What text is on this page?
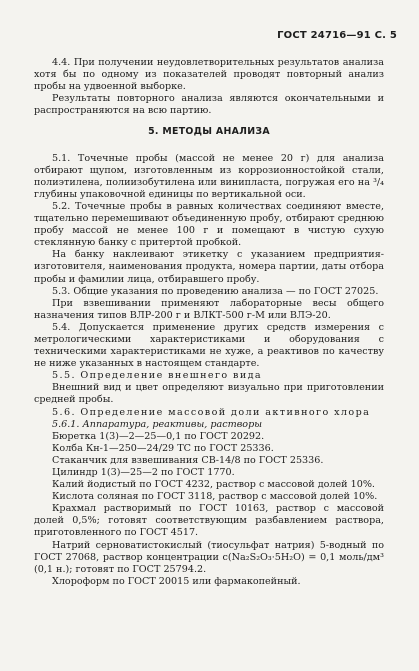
ГОСТ 24716—91 С. 5

4.4. При получении неудовлетворительных результатов анализа хотя бы по одному из показателей проводят повторный анализ пробы на удвоенной выборке.

Результаты повторного анализа являются окончательными и распространяются на всю партию.

5. МЕТОДЫ АНАЛИЗА

5.1. Точечные пробы (массой не менее 20 г) для анализа отбирают щупом, изготовленным из коррозионностойкой стали, полиэтилена, полиизобутилена или винипласта, погружая его на ³/₄ глубины упаковочной единицы по вертикальной оси.

5.2. Точечные пробы в равных количествах соединяют вместе, тщательно перемешивают объединенную пробу, отбирают среднюю пробу массой не менее 100 г и помещают в чистую сухую стеклянную банку с притертой пробкой.

На банку наклеивают этикетку с указанием предприятия-изготовителя, наименования продукта, номера партии, даты отбора пробы и фамилии лица, отбиравшего пробу.

5.3. Общие указания по проведению анализа — по ГОСТ 27025.

При взвешивании применяют лабораторные весы общего назначения типов ВЛР-200 г и ВЛКТ-500 г-М или ВЛЭ-20.

5.4. Допускается применение других средств измерения с метрологическими характеристиками и оборудования с техническими характеристиками не хуже, а реактивов по качеству не ниже указанных в настоящем стандарте.

5.5. Определение внешнего вида

Внешний вид и цвет определяют визуально при приготовлении средней пробы.

5.6. Определение массовой доли активного хлора

5.6.1. Аппаратура, реактивы, растворы

Бюретка 1(3)—2—25—0,1 по ГОСТ 20292.

Колба Кн-1—250—24/29 ТС по ГОСТ 25336.

Стаканчик для взвешивания СВ-14/8 по ГОСТ 25336.

Цилиндр 1(3)—25—2 по ГОСТ 1770.

Калий йодистый по ГОСТ 4232, раствор с массовой долей 10%.

Кислота соляная по ГОСТ 3118, раствор с массовой долей 10%.

Крахмал растворимый по ГОСТ 10163, раствор с массовой долей 0,5%; готовят соответствующим разбавлением раствора, приготовленного по ГОСТ 4517.

Натрий серноватистокислый (тиосульфат натрия) 5-водный по ГОСТ 27068, раствор концентрации c(Na₂S₂O₃·5H₂O) = 0,1 моль/дм³ (0,1 н.); готовят по ГОСТ 25794.2.

Хлороформ по ГОСТ 20015 или фармакопейный.
